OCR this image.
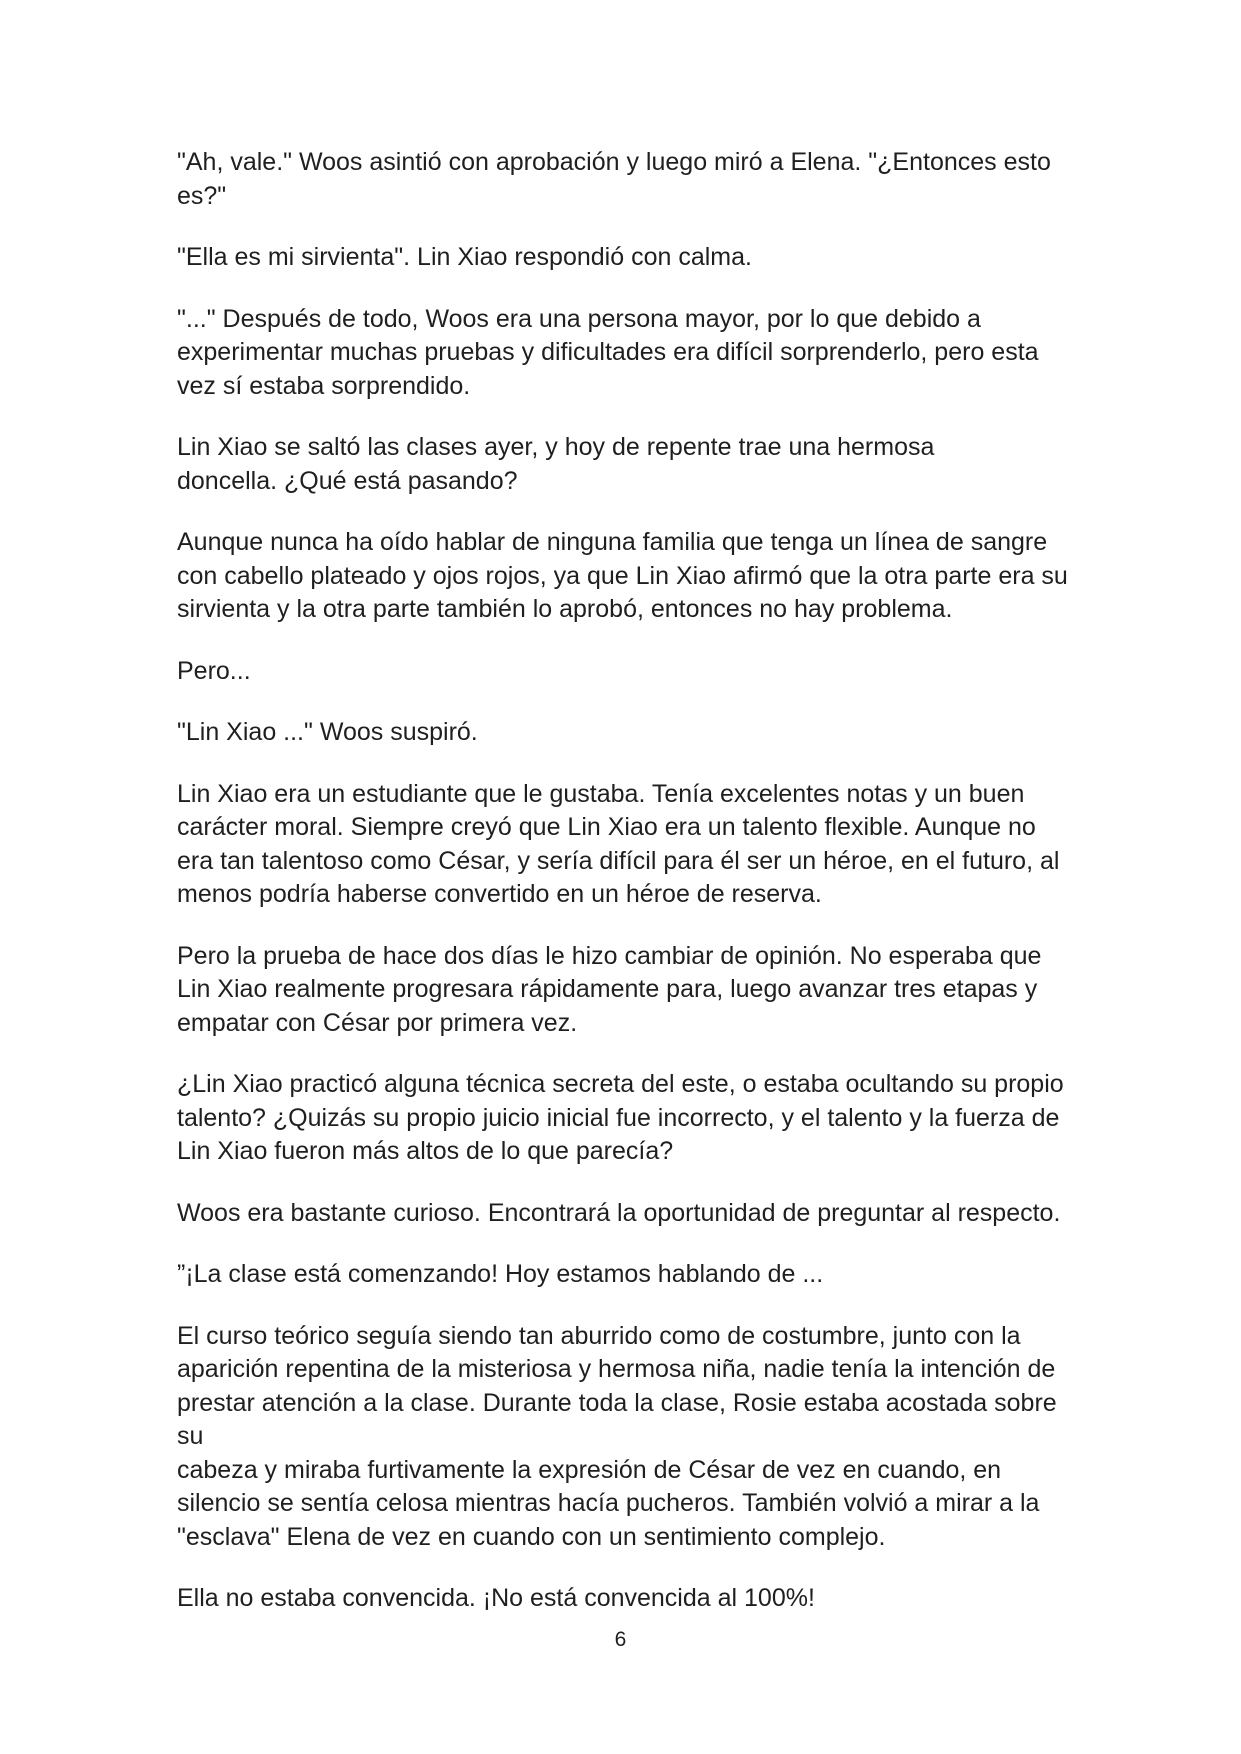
"Ah, vale." Woos asintió con aprobación y luego miró a Elena. "¿Entonces esto
es?"

"Ella es mi sirvienta". Lin Xiao respondió con calma.

"..." Después de todo, Woos era una persona mayor, por lo que debido a
experimentar muchas pruebas y dificultades era difícil sorprenderlo, pero esta
vez sí estaba sorprendido.

Lin Xiao se saltó las clases ayer, y hoy de repente trae una hermosa
doncella. ¿Qué está pasando?

Aunque nunca ha oído hablar de ninguna familia que tenga un línea de sangre
con cabello plateado y ojos rojos, ya que Lin Xiao afirmó que la otra parte era su
sirvienta y la otra parte también lo aprobó, entonces no hay problema.

Pero...

"Lin Xiao ..." Woos suspiró.

Lin Xiao era un estudiante que le gustaba. Tenía excelentes notas y un buen
carácter moral. Siempre creyó que Lin Xiao era un talento flexible. Aunque no
era tan talentoso como César, y sería difícil para él ser un héroe, en el futuro, al
menos podría haberse convertido en un héroe de reserva.

Pero la prueba de hace dos días le hizo cambiar de opinión. No esperaba que
Lin Xiao realmente progresara rápidamente para, luego avanzar tres etapas y
empatar con César por primera vez.

¿Lin Xiao practicó alguna técnica secreta del este, o estaba ocultando su propio
talento? ¿Quizás su propio juicio inicial fue incorrecto, y el talento y la fuerza de
Lin Xiao fueron más altos de lo que parecía?

Woos era bastante curioso. Encontrará la oportunidad de preguntar al respecto.

”¡La clase está comenzando! Hoy estamos hablando de ...

El curso teórico seguía siendo tan aburrido como de costumbre, junto con la
aparición repentina de la misteriosa y hermosa niña, nadie tenía la intención de
prestar atención a la clase. Durante toda la clase, Rosie estaba acostada sobre su
cabeza y miraba furtivamente la expresión de César de vez en cuando, en
silencio se sentía celosa mientras hacía pucheros. También volvió a mirar a la
"esclava" Elena de vez en cuando con un sentimiento complejo.

Ella no estaba convencida. ¡No está convencida al 100%!

6
